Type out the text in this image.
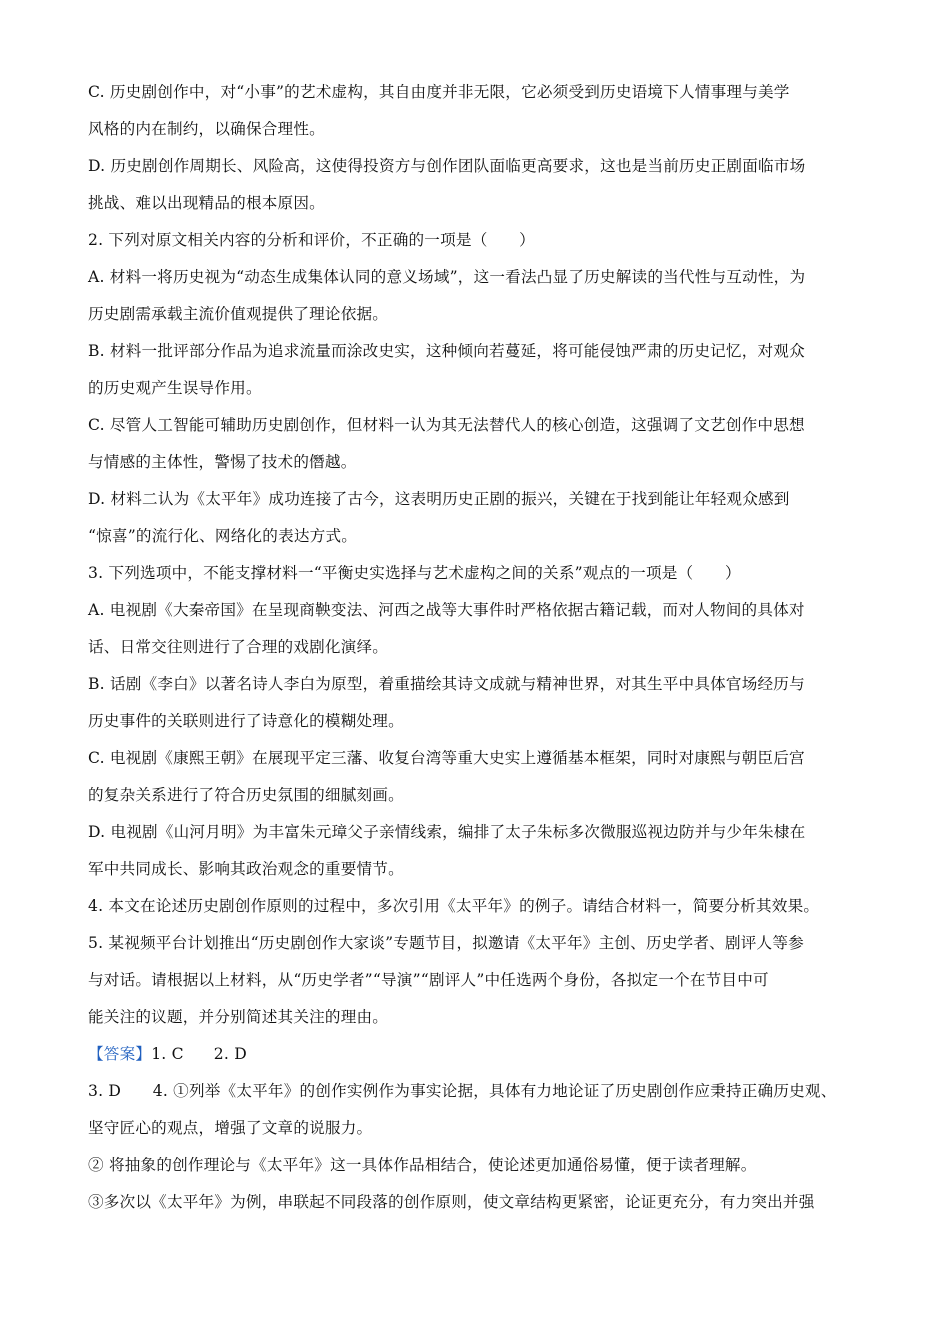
C. 历史剧创作中，对“小事”的艺术虚构，其自由度并非无限，它必须受到历史语境下人情事理与美学
风格的内在制约，以确保合理性。
D. 历史剧创作周期长、风险高，这使得投资方与创作团队面临更高要求，这也是当前历史正剧面临市场
挑战、难以出现精品的根本原因。
2. 下列对原文相关内容的分析和评价，不正确的一项是（　　）
A. 材料一将历史视为“动态生成集体认同的意义场域”，这一看法凸显了历史解读的当代性与互动性，为
历史剧需承载主流价值观提供了理论依据。
B. 材料一批评部分作品为追求流量而涂改史实，这种倾向若蔓延，将可能侵蚀严肃的历史记忆，对观众
的历史观产生误导作用。
C. 尽管人工智能可辅助历史剧创作，但材料一认为其无法替代人的核心创造，这强调了文艺创作中思想
与情感的主体性，警惕了技术的僭越。
D. 材料二认为《太平年》成功连接了古今，这表明历史正剧的振兴，关键在于找到能让年轻观众感到
“惊喜”的流行化、网络化的表达方式。
3. 下列选项中，不能支撑材料一“平衡史实选择与艺术虚构之间的关系”观点的一项是（　　）
A. 电视剧《大秦帝国》在呈现商鞅变法、河西之战等大事件时严格依据古籍记载，而对人物间的具体对
话、日常交往则进行了合理的戏剧化演绎。
B. 话剧《李白》以著名诗人李白为原型，着重描绘其诗文成就与精神世界，对其生平中具体官场经历与
历史事件的关联则进行了诗意化的模糊处理。
C. 电视剧《康熙王朝》在展现平定三藩、收复台湾等重大史实上遵循基本框架，同时对康熙与朝臣后宫
的复杂关系进行了符合历史氛围的细腻刻画。
D. 电视剧《山河月明》为丰富朱元璋父子亲情线索，编排了太子朱标多次微服巡视边防并与少年朱棣在
军中共同成长、影响其政治观念的重要情节。
4. 本文在论述历史剧创作原则的过程中，多次引用《太平年》的例子。请结合材料一，简要分析其效果。
5. 某视频平台计划推出“历史剧创作大家谈”专题节目，拟邀请《太平年》主创、历史学者、剧评人等参
与对话。请根据以上材料，从“历史学者”“导演”“剧评人”中任选两个身份，各拟定一个在节目中可
能关注的议题，并分别简述其关注的理由。
【答案】1. C 2. D
3. D　　4. ①列举《太平年》的创作实例作为事实论据，具体有力地论证了历史剧创作应秉持正确历史观、
坚守匠心的观点，增强了文章的说服力。
② 将抽象的创作理论与《太平年》这一具体作品相结合，使论述更加通俗易懂，便于读者理解。
③多次以《太平年》为例，串联起不同段落的创作原则，使文章结构更紧密，论证更充分，有力突出并强
